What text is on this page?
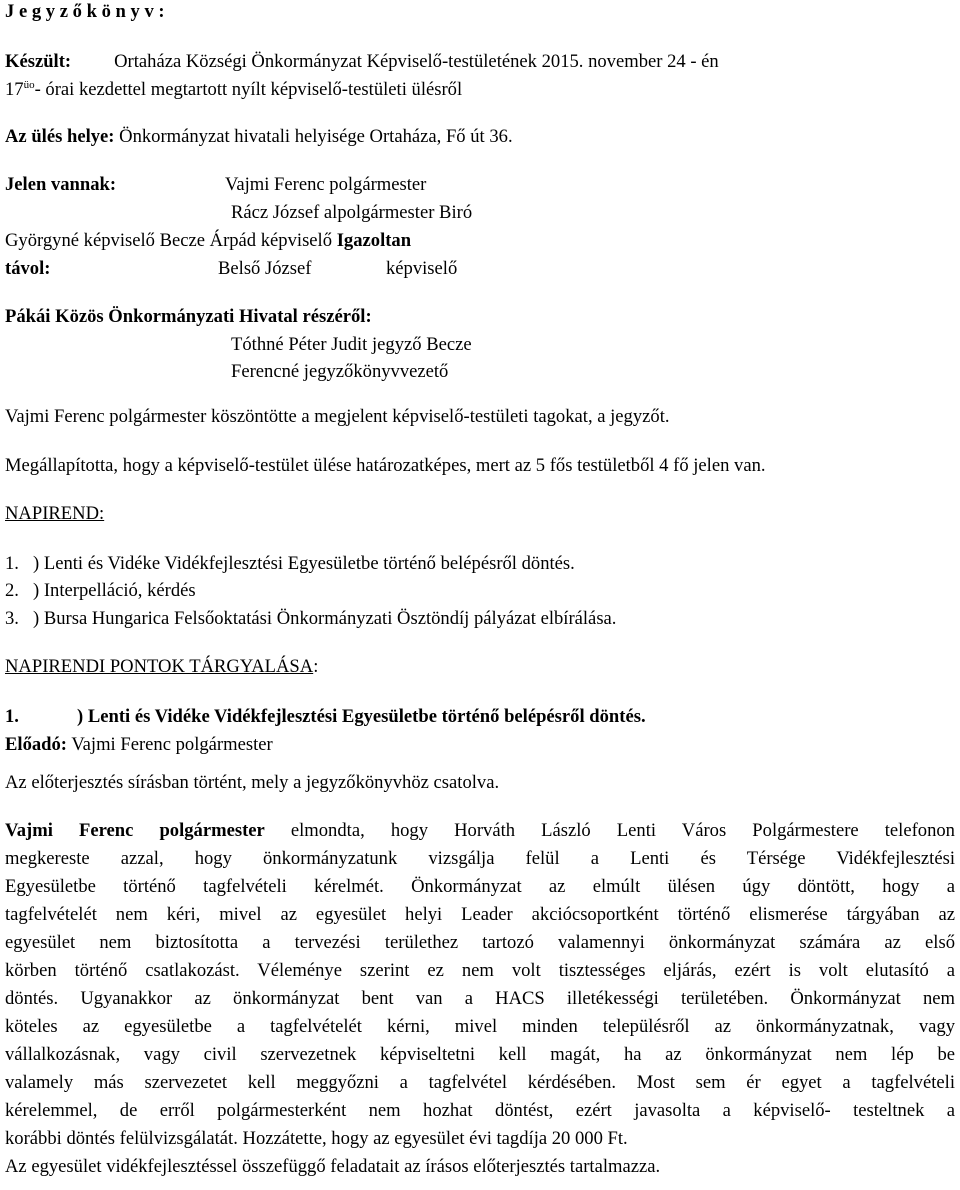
J e g y z ő k ö n y v :
Készült: Ortaháza Községi Önkormányzat Képviselő-testületének 2015. november 24 - én
$17^{üo}-$ órai kezdettel megtartott nyílt képviselő-testületi ülésről
Az ülés helye: Önkormányzat hivatali helyisége Ortaháza, Fő út 36.
Jelen vannak:	Vajmi Ferenc polgármester
Rácz József alpolgármester Biró
Györgyné képviselő Becze Árpád képviselő Igazoltan
távol:	Belső József	képviselő
Pákái Közös Önkormányzati Hivatal részéről:
Tóthné Péter Judit jegyző Becze
Ferencné jegyzőkönyvvezető
Vajmi Ferenc polgármester köszöntötte a megjelent képviselő-testületi tagokat, a jegyzőt.
Megállapította, hogy a képviselő-testület ülése határozatképes, mert az 5 fős testületből 4 fő jelen van.
NAPIREND:
1. ) Lenti és Vidéke Vidékfejlesztési Egyesületbe történő belépésről döntés.
2. ) Interpelláció, kérdés
3. ) Bursa Hungarica Felsőoktatási Önkormányzati Ösztöndíj pályázat elbírálása.
NAPIRENDI PONTOK TÁRGYALÁSA:
1.	) Lenti és Vidéke Vidékfejlesztési Egyesületbe történő belépésről döntés.
Előadó: Vajmi Ferenc polgármester
Az előterjesztés sírásban történt, mely a jegyzőkönyvhöz csatolva.
Vajmi Ferenc polgármester elmondta, hogy Horváth László Lenti Város Polgármestere telefonon
megkereste azzal, hogy önkormányzatunk vizsgálja felül a Lenti és Térsége Vidékfejlesztési
Egyesületbe történő tagfelvételi kérelmét. Önkormányzat az elmúlt ülésen úgy döntött, hogy a
tagfelvételét nem kéri, mivel az egyesület helyi Leader akciócsoportként történő elismerése tárgyában az
egyesület nem biztosította a tervezési területhez tartozó valamennyi önkormányzat számára az első
körben történő csatlakozást. Véleménye szerint ez nem volt tisztességes eljárás, ezért is volt elutasító a
döntés. Ugyanakkor az önkormányzat bent van a HACS illetékességi területében. Önkormányzat nem
köteles az egyesületbe a tagfelvételét kérni, mivel minden településről az önkormányzatnak, vagy
vállalkozásnak, vagy civil szervezetnek képviseltetni kell magát, ha az önkormányzat nem lép be
valamely más szervezetet kell meggyőzni a tagfelvétel kérdésében. Most sem ér egyet a tagfelvételi
kérelemmel, de erről polgármesterként nem hozhat döntést, ezért javasolta a képviselő- testeltnek a
korábbi döntés felülvizsgálatát. Hozzátette, hogy az egyesület évi tagdíja 20 000 Ft.
Az egyesület vidékfejlesztéssel összefüggő feladatait az írásos előterjesztés tartalmazza.
